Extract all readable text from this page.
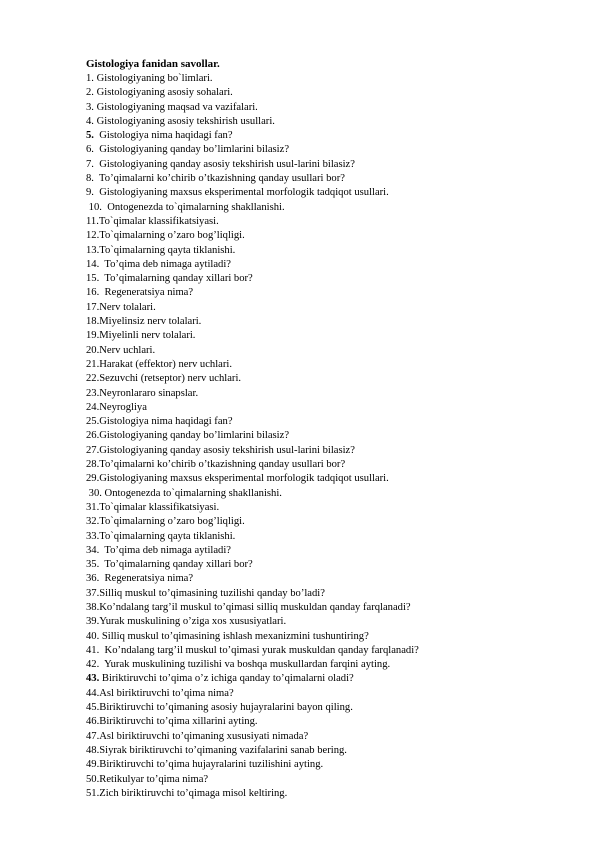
Gistologiya fanidan savollar.

1. Gistologiyaning bo`limlari.
2. Gistologiyaning asosiy sohalari.
3. Gistologiyaning maqsad va vazifalari.
4. Gistologiyaning asosiy tekshirish usullari.
5.  Gistologiya nima haqidagi fan?
6.  Gistologiyaning qanday bo’limlarini bilasiz?
7.  Gistologiyaning qanday asosiy tekshirish usul-larini bilasiz?
8.  To’qimalarni ko’chirib o’tkazishning qanday usullari bor?
9.  Gistologiyaning maxsus eksperimental morfologik tadqiqot usullari.
10.  Ontogenezda to`qimalarning shakllanishi.
11.To`qimalar klassifikatsiyasi.
12.To`qimalarning o’zaro bog’liqligi.
13.To`qimalarning qayta tiklanishi.
14.  To’qima deb nimaga aytiladi?
15.  To’qimalarning qanday xillari bor?
16.  Regeneratsiya nima?
17.Nerv tolalari.
18.Miyelinsiz nerv tolalari.
19.Miyelinli nerv tolalari.
20.Nerv uchlari.
21.Harakat (effektor) nerv uchlari.
22.Sezuvchi (retseptor) nerv uchlari.
23.Neyronlararo sinapslar.
24.Neyrogliya
25.Gistologiya nima haqidagi fan?
26.Gistologiyaning qanday bo’limlarini bilasiz?
27.Gistologiyaning qanday asosiy tekshirish usul-larini bilasiz?
28.To’qimalarni ko’chirib o’tkazishning qanday usullari bor?
29.Gistologiyaning maxsus eksperimental morfologik tadqiqot usullari.
30. Ontogenezda to`qimalarning shakllanishi.
31.To`qimalar klassifikatsiyasi.
32.To`qimalarning o’zaro bog’liqligi.
33.To`qimalarning qayta tiklanishi.
34.  To’qima deb nimaga aytiladi?
35.  To’qimalarning qanday xillari bor?
36.  Regeneratsiya nima?
37.Silliq muskul to’qimasining tuzilishi qanday bo’ladi?
38.Ko’ndalang targ’il muskul to’qimasi silliq muskuldan qanday farqlanadi?
39.Yurak muskulining o’ziga xos xususiyatlari.
40. Silliq muskul to’qimasining ishlash mexanizmini tushuntiring?
41.  Ko’ndalang targ’il muskul to’qimasi yurak muskuldan qanday farqlanadi?
42.  Yurak muskulining tuzilishi va boshqa muskullardan farqini ayting.
43. Biriktiruvchi to’qima o’z ichiga qanday to’qimalarni oladi?
44.Asl biriktiruvchi to’qima nima?
45.Biriktiruvchi to’qimaning asosiy hujayralarini bayon qiling.
46.Biriktiruvchi to’qima xillarini ayting.
47.Asl biriktiruvchi to’qimaning xususiyati nimada?
48.Siyrak biriktiruvchi to’qimaning vazifalarini sanab bering.
49.Biriktiruvchi to’qima hujayralarini tuzilishini ayting.
50.Retikulyar to’qima nima?
51.Zich biriktiruvchi to’qimaga misol keltiring.
